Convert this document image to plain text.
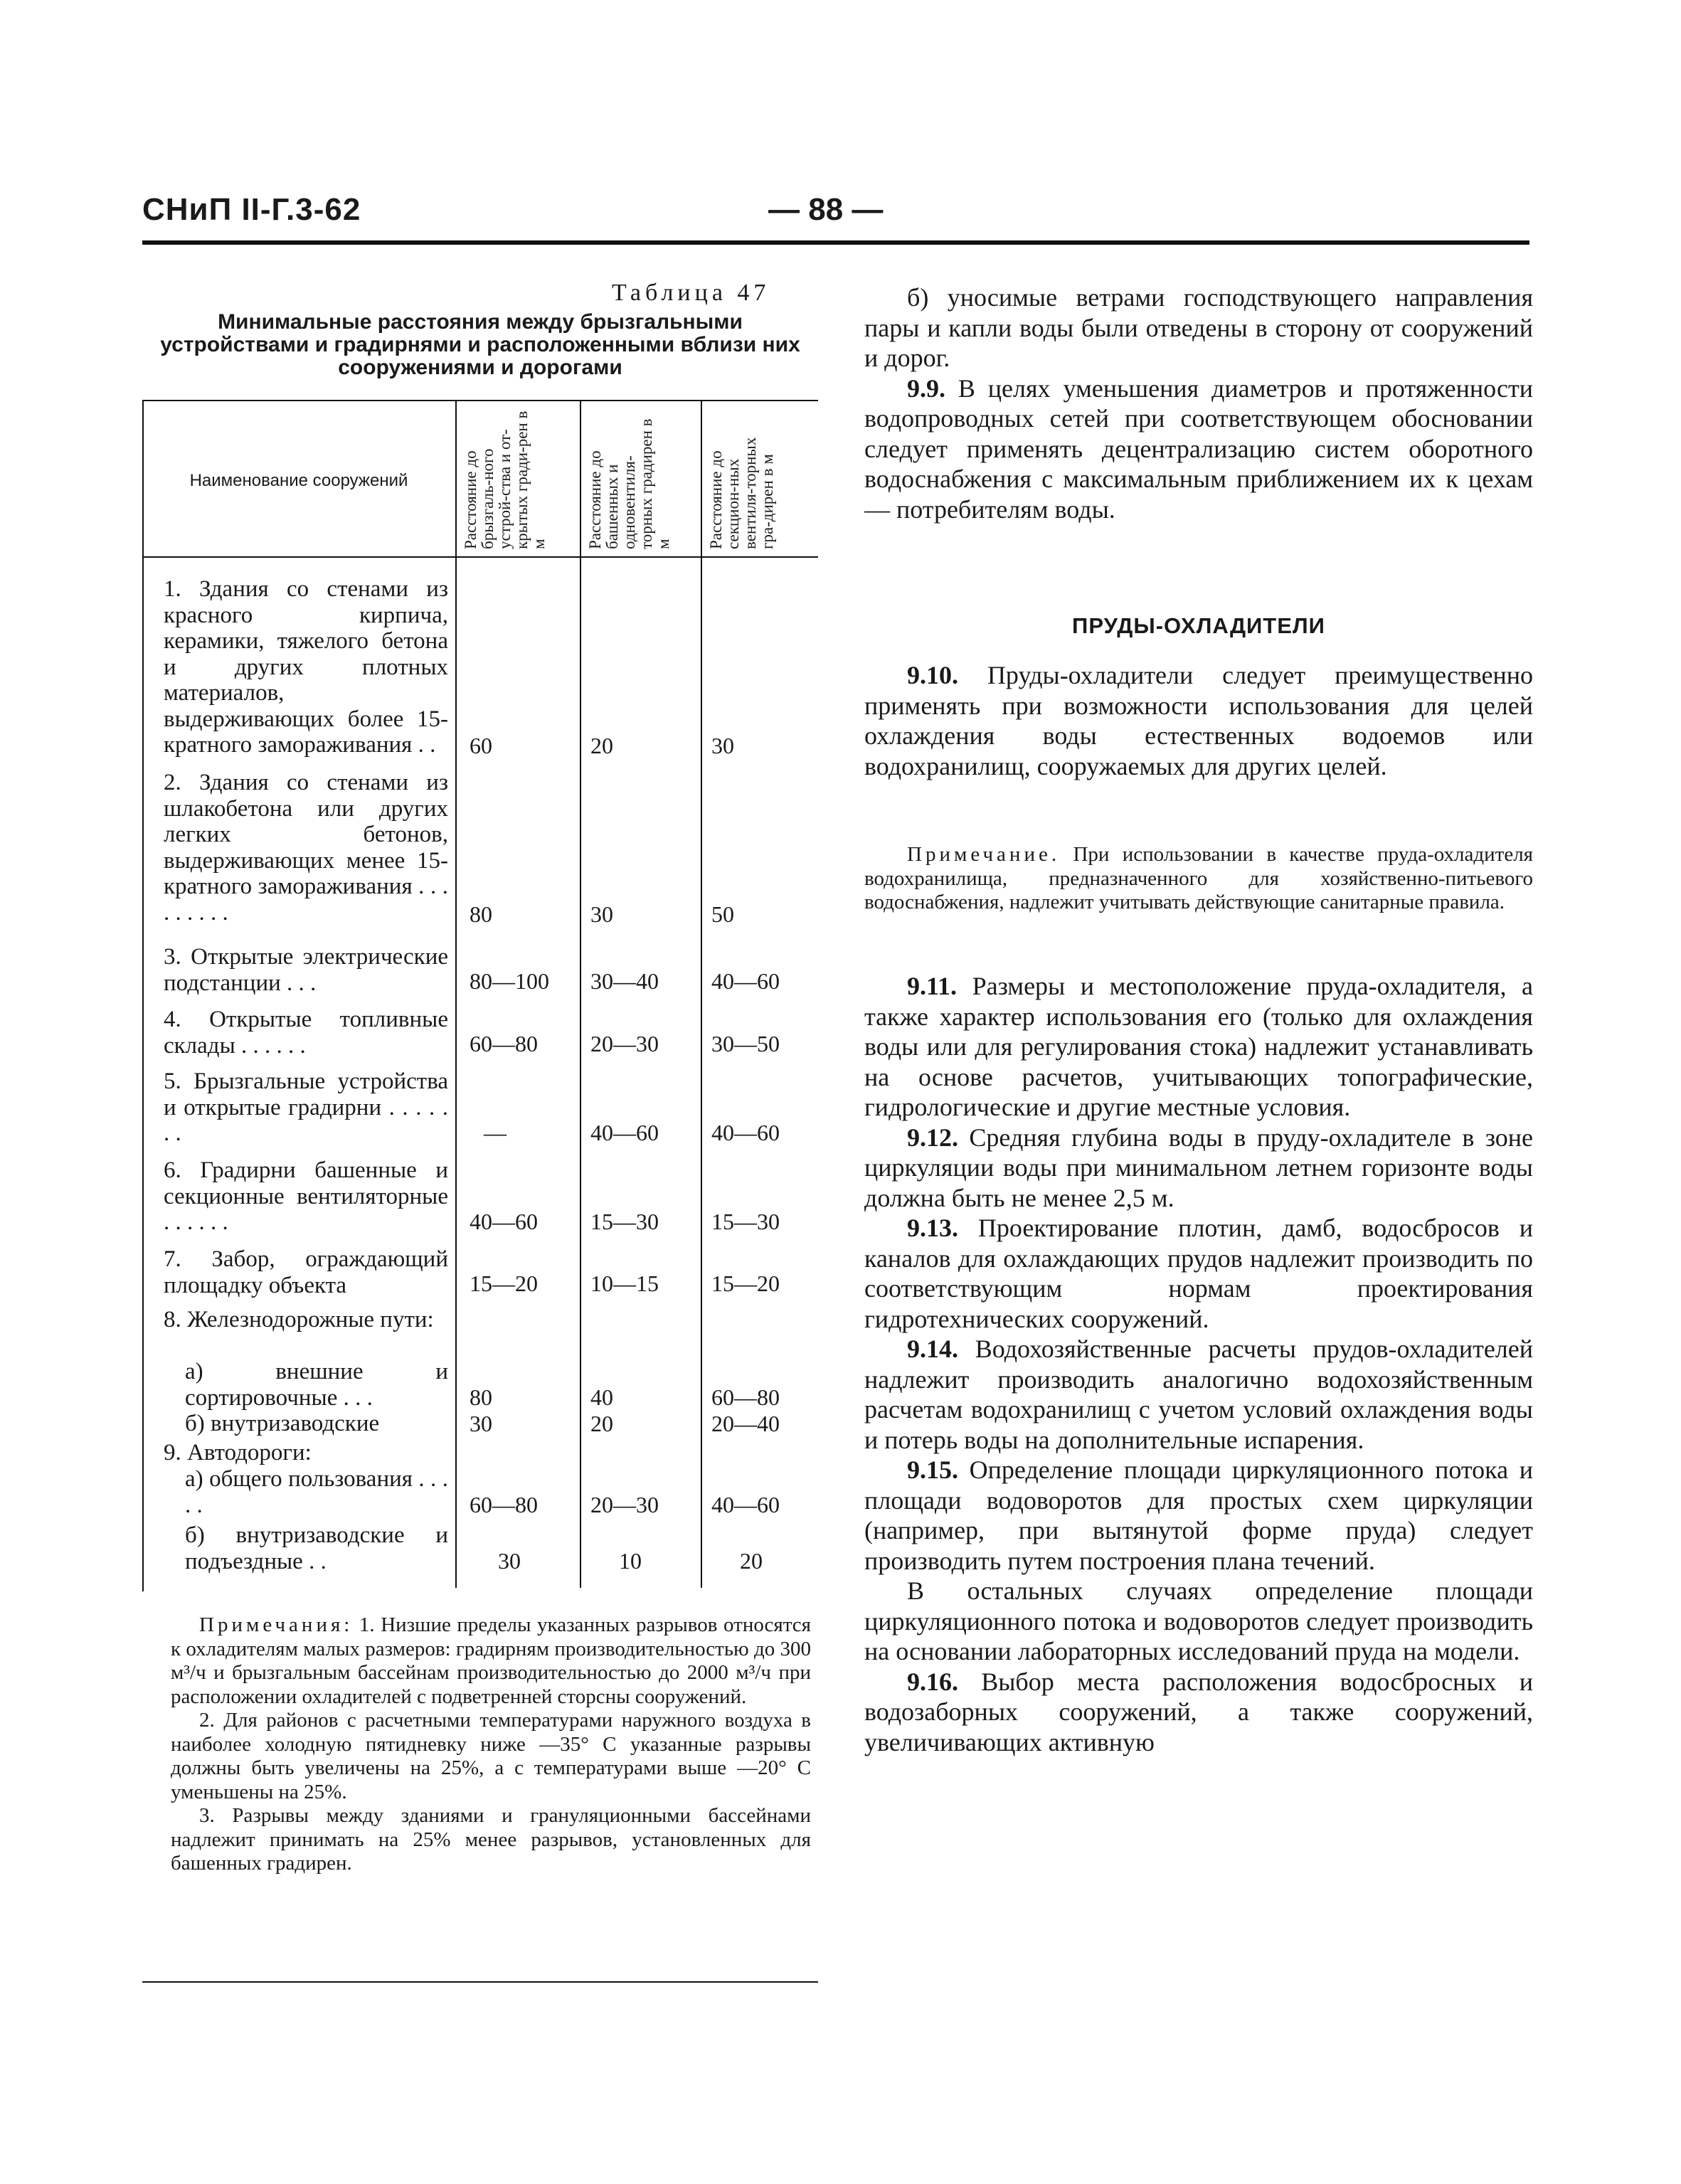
СНиП II-Г.3-62	— 88 —
Таблица 47
Минимальные расстояния между брызгальными устройствами и градирнями и расположенными вблизи них сооружениями и дорогами
Наименование сооружений	Расстояние до брызгаль-ного устрой-ства и от-крытых гради-рен в м	Расстояние до башенных и одновентиля-торных градирен в м	Расстояние до секцион-ных вентиля-торных гра-дирен в м
1. Здания со стенами из красного кирпича, керамики, тяжелого бетона и других плотных материалов, выдерживающих более 15-кратного замораживания . .	60	20	30
2. Здания со стенами из шлакобетона или других легких бетонов, выдерживающих менее 15-кратного замораживания . . . . . . . . .	80	30	50
3. Открытые электрические подстанции . . .	80—100 30—40 40—60
4. Открытые топливные склады . . . . . .	60—80 20—30 30—50
5. Брызгальные устройства и открытые градирни . . . . . . .	—	40—60 40—60
6. Градирни башенные и секционные вентиляторные . . . . . .	40—60 15—30 15—30
7. Забор, ограждающий площадку объекта	15—20 10—15 15—20
8. Железнодорожные пути:
а) внешние и сортировочные . . .	80	40	60—80
б) внутризаводские	30	20	20—40
9. Автодороги:
а) общего пользования . . . . .	60—80 20—30 40—60
б) внутризаводские и подъездные . .	30	10	20

Примечания: 1. Низшие пределы указанных разрывов относятся к охладителям малых размеров: градирням производительностью до 300 м³/ч и брызгальным бассейнам производительностью до 2000 м³/ч при расположении охладителей с подветренней сторсны сооружений.

2. Для районов с расчетными температурами наружного воздуха в наиболее холодную пятидневку ниже —35° С указанные разрывы должны быть увеличены на 25%, а с температурами выше —20° С уменьшены на 25%.

3. Разрывы между зданиями и грануляционными бассейнами надлежит принимать на 25% менее разрывов, установленных для башенных градирен.

б) уносимые ветрами господствующего направления пары и капли воды были отведены в сторону от сооружений и дорог.

9.9. В целях уменьшения диаметров и протяженности водопроводных сетей при соответствующем обосновании следует применять децентрализацию систем оборотного водоснабжения с максимальным приближением их к цехам — потребителям воды.

ПРУДЫ-ОХЛАДИТЕЛИ

9.10. Пруды-охладители следует преимущественно применять при возможности использования для целей охлаждения воды естественных водоемов или водохранилищ, сооружаемых для других целей.

Примечание. При использовании в качестве пруда-охладителя водохранилища, предназначенного для хозяйственно-питьевого водоснабжения, надлежит учитывать действующие санитарные правила.

9.11. Размеры и местоположение пруда-охладителя, а также характер использования его (только для охлаждения воды или для регулирования стока) надлежит устанавливать на основе расчетов, учитывающих топографические, гидрологические и другие местные условия.

9.12. Средняя глубина воды в пруду-охладителе в зоне циркуляции воды при минимальном летнем горизонте воды должна быть не менее 2,5 м.

9.13. Проектирование плотин, дамб, водосбросов и каналов для охлаждающих прудов надлежит производить по соответствующим нормам проектирования гидротехнических сооружений.

9.14. Водохозяйственные расчеты прудов-охладителей надлежит производить аналогично водохозяйственным расчетам водохранилищ с учетом условий охлаждения воды и потерь воды на дополнительные испарения.

9.15. Определение площади циркуляционного потока и площади водоворотов для простых схем циркуляции (например, при вытянутой форме пруда) следует производить путем построения плана течений.

В остальных случаях определение площади циркуляционного потока и водоворотов следует производить на основании лабораторных исследований пруда на модели.

9.16. Выбор места расположения водосбросных и водозаборных сооружений, а также сооружений, увеличивающих активную
